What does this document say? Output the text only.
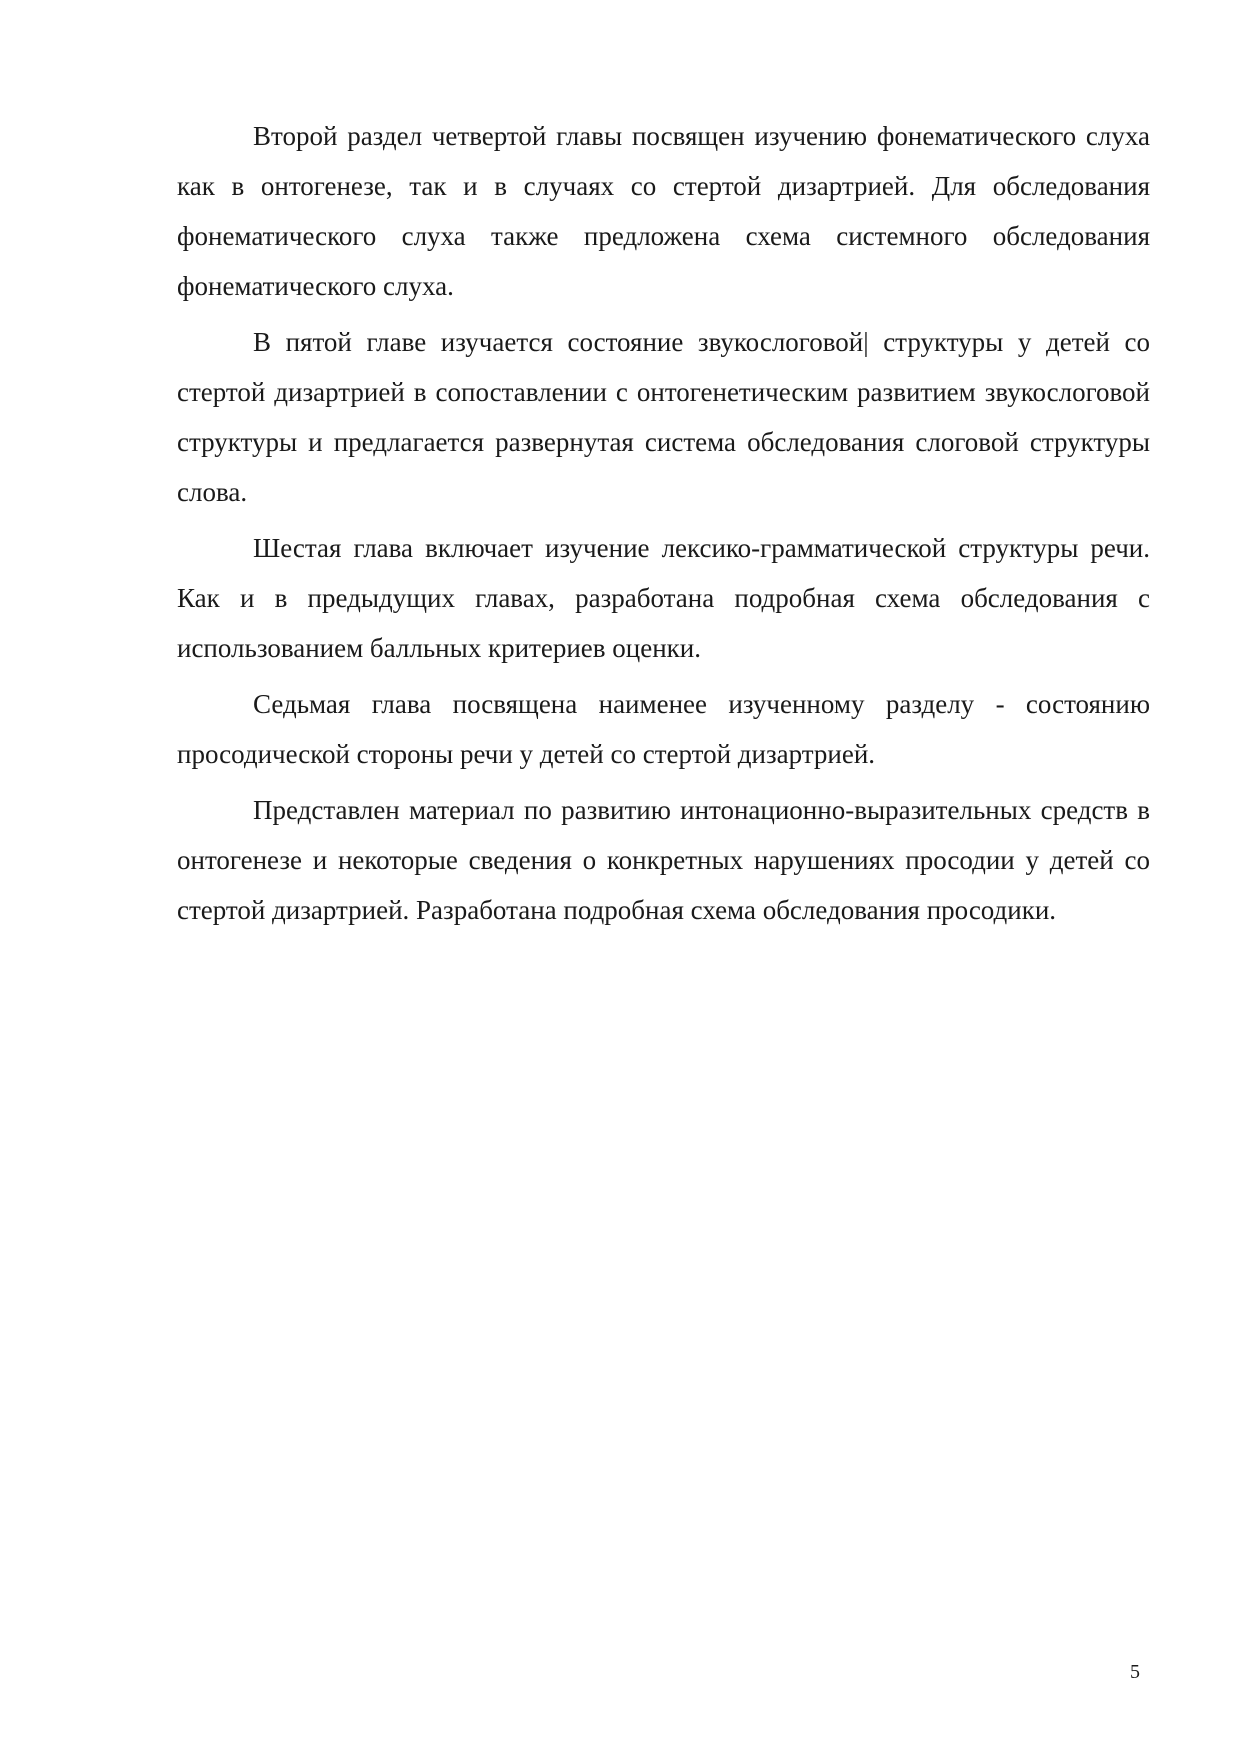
Второй раздел четвертой главы посвящен изучению фонематического слуха как в онтогенезе, так и в случаях со стертой дизартрией. Для обследования фонематического слуха также предложена схема системного обследования фонематического слуха.

В пятой главе изучается состояние звукослоговой| структуры у детей со стертой дизартрией в сопоставлении с онтогенетическим развитием звукослоговой структуры и предлагается развернутая система обследования слоговой структуры слова.

Шестая глава включает изучение лексико-грамматической структуры речи. Как и в предыдущих главах, разработана подробная схема обследования с использованием балльных критериев оценки.

Седьмая глава посвящена наименее изученному разделу - состоянию просодической стороны речи у детей со стертой дизартрией.

Представлен материал по развитию интонационно-выразительных средств в онтогенезе и некоторые сведения о конкретных нарушениях просодии у детей со стертой дизартрией. Разработана подробная схема обследования просодики.

5
